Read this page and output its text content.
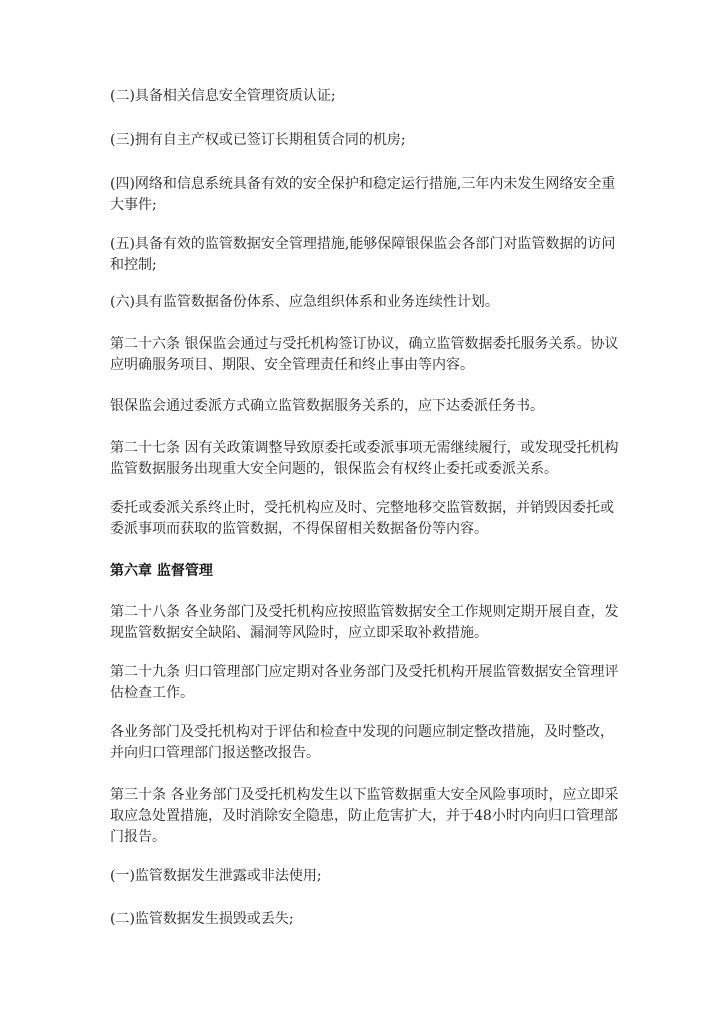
(二)具备相关信息安全管理资质认证;

(三)拥有自主产权或已签订长期租赁合同的机房;

(四)网络和信息系统具备有效的安全保护和稳定运行措施,三年内未发生网络安全重大事件;

(五)具备有效的监管数据安全管理措施,能够保障银保监会各部门对监管数据的访问和控制;

(六)具有监管数据备份体系、应急组织体系和业务连续性计划。

第二十六条 银保监会通过与受托机构签订协议，确立监管数据委托服务关系。协议应明确服务项目、期限、安全管理责任和终止事由等内容。

银保监会通过委派方式确立监管数据服务关系的，应下达委派任务书。

第二十七条 因有关政策调整导致原委托或委派事项无需继续履行，或发现受托机构监管数据服务出现重大安全问题的，银保监会有权终止委托或委派关系。

委托或委派关系终止时，受托机构应及时、完整地移交监管数据，并销毁因委托或委派事项而获取的监管数据，不得保留相关数据备份等内容。

第六章 监督管理

第二十八条 各业务部门及受托机构应按照监管数据安全工作规则定期开展自查，发现监管数据安全缺陷、漏洞等风险时，应立即采取补救措施。

第二十九条 归口管理部门应定期对各业务部门及受托机构开展监管数据安全管理评估检查工作。

各业务部门及受托机构对于评估和检查中发现的问题应制定整改措施，及时整改，并向归口管理部门报送整改报告。

第三十条 各业务部门及受托机构发生以下监管数据重大安全风险事项时，应立即采取应急处置措施，及时消除安全隐患，防止危害扩大，并于48小时内向归口管理部门报告。

(一)监管数据发生泄露或非法使用;

(二)监管数据发生损毁或丢失;
